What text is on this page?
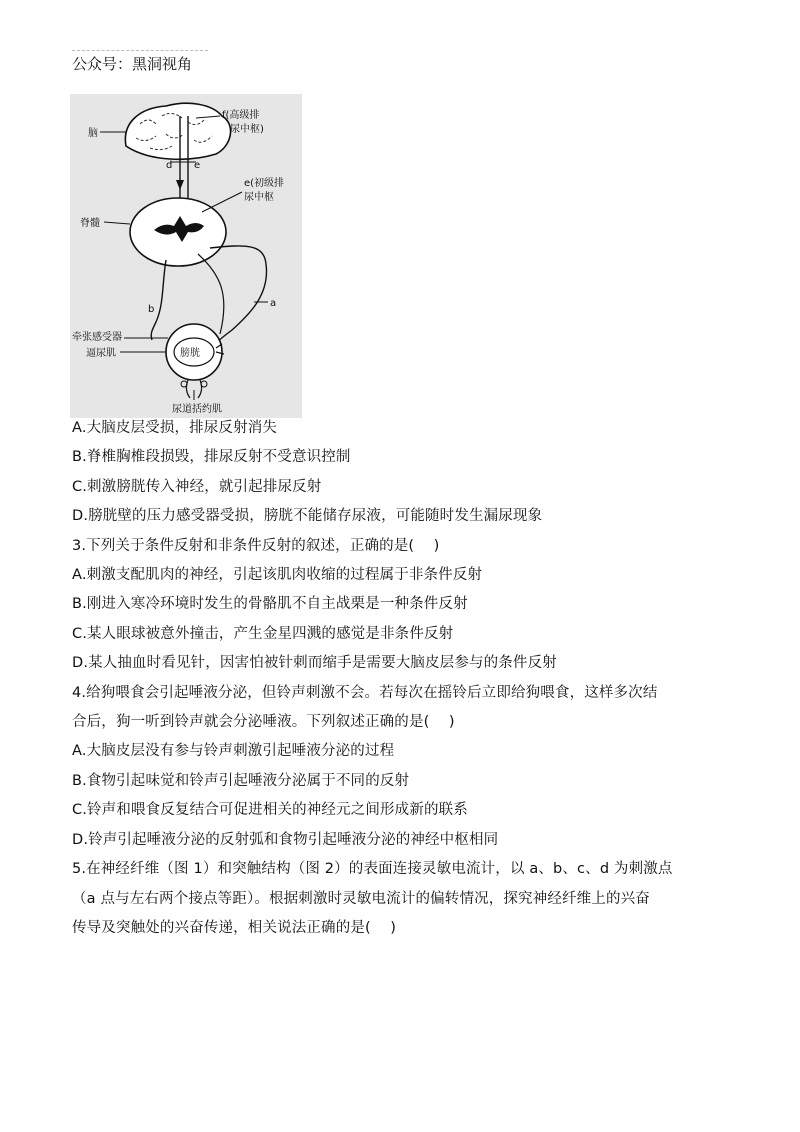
公众号：黑洞视角
脑
f(高级排
尿中枢)
d e
脊髓
e(初级排
尿中枢
b
a
膀胱
牵张感受器
逼尿肌
尿道括约肌
A.大脑皮层受损，排尿反射消失
B.脊椎胸椎段损毁，排尿反射不受意识控制
C.刺激膀胱传入神经，就引起排尿反射
D.膀胱壁的压力感受器受损，膀胱不能储存尿液，可能随时发生漏尿现象
3.下列关于条件反射和非条件反射的叙述，正确的是(　 )
A.刺激支配肌肉的神经，引起该肌肉收缩的过程属于非条件反射
B.刚进入寒冷环境时发生的骨骼肌不自主战栗是一种条件反射
C.某人眼球被意外撞击，产生金星四溅的感觉是非条件反射
D.某人抽血时看见针，因害怕被针刺而缩手是需要大脑皮层参与的条件反射
4.给狗喂食会引起唾液分泌，但铃声刺激不会。若每次在摇铃后立即给狗喂食，这样多次结
合后，狗一听到铃声就会分泌唾液。下列叙述正确的是(　 )
A.大脑皮层没有参与铃声刺激引起唾液分泌的过程
B.食物引起味觉和铃声引起唾液分泌属于不同的反射
C.铃声和喂食反复结合可促进相关的神经元之间形成新的联系
D.铃声引起唾液分泌的反射弧和食物引起唾液分泌的神经中枢相同
5.在神经纤维（图 1）和突触结构（图 2）的表面连接灵敏电流计，以 a、b、c、d 为刺激点
（a 点与左右两个接点等距）。根据刺激时灵敏电流计的偏转情况，探究神经纤维上的兴奋
传导及突触处的兴奋传递，相关说法正确的是(　 )
